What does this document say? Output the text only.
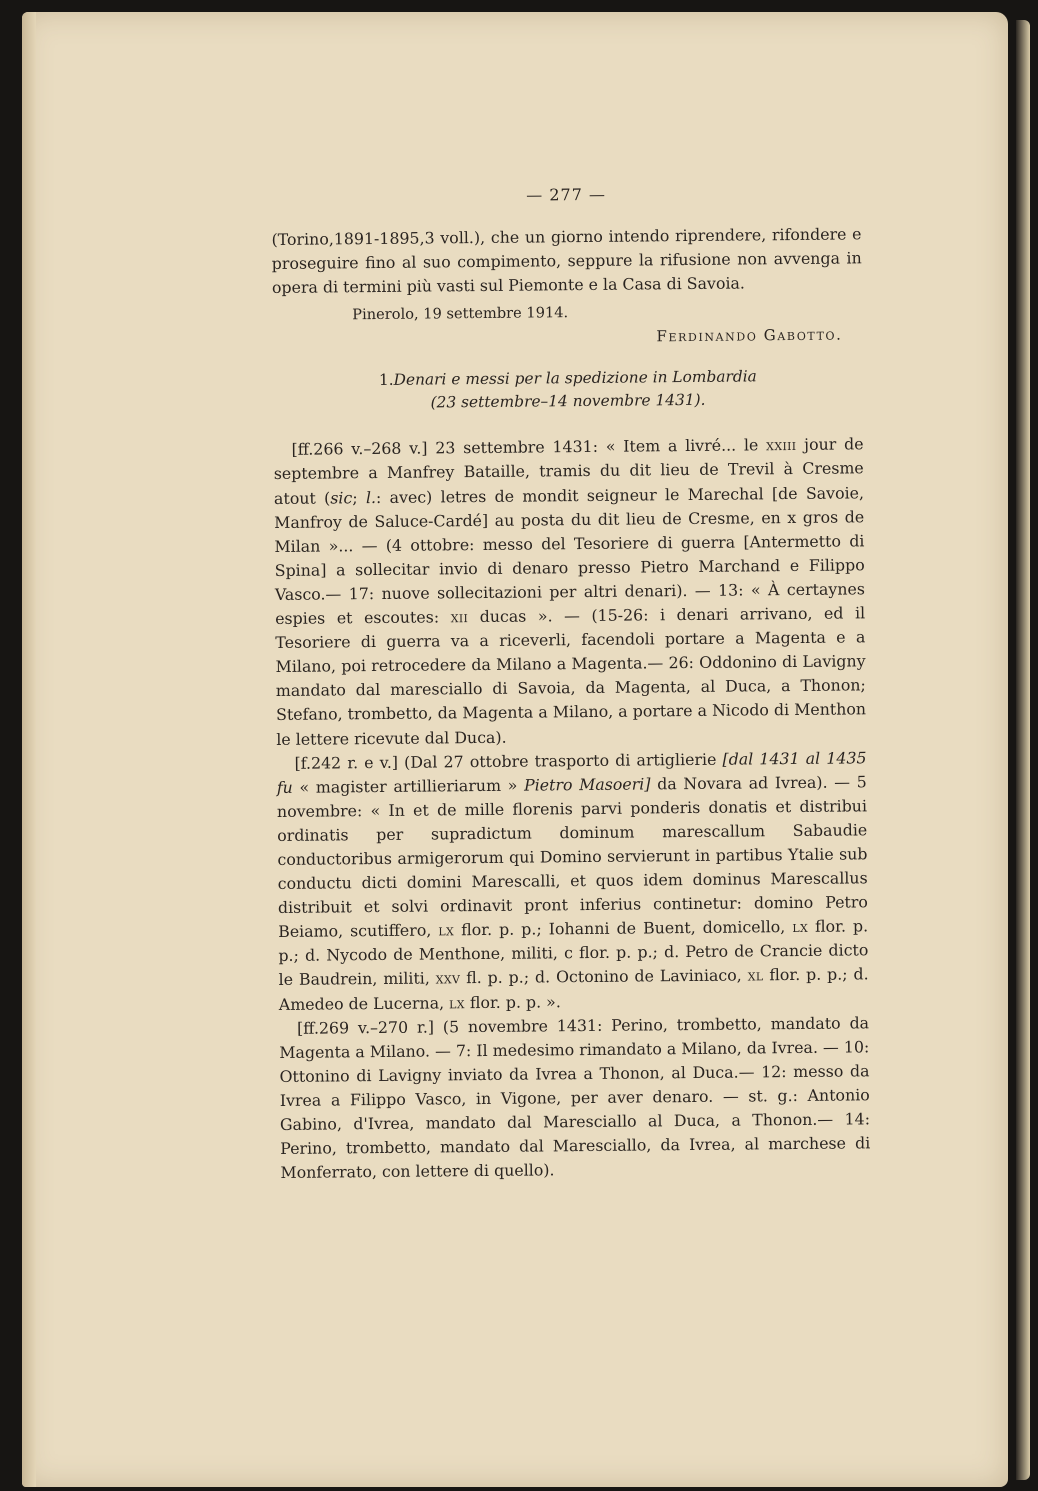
— 277 —

(Torino,1891-1895,3 voll.), che un giorno intendo riprendere, rifondere e proseguire fino al suo compimento, seppure la rifusione non avvenga in opera di termini più vasti sul Piemonte e la Casa di Savoia.

Pinerolo, 19 settembre 1914.
Ferdinando Gabotto.
1.Denari e messi per la spedizione in Lombardia
(23 settembre–14 novembre 1431).

[ff.266 v.–268 v.] 23 settembre 1431: « Item a livré... le xxiii jour de septembre a Manfrey Bataille, tramis du dit lieu de Trevil à Cresme atout (sic; l.: avec) letres de mondit seigneur le Marechal [de Savoie, Manfroy de Saluce-Cardé] au posta du dit lieu de Cresme, en x gros de Milan »... — (4 ottobre: messo del Tesoriere di guerra [Antermetto di Spina] a sollecitar invio di denaro presso Pietro Marchand e Filippo Vasco.— 17: nuove sollecitazioni per altri denari). — 13: « À certaynes espies et escoutes: xii ducas ». — (15-26: i denari arrivano, ed il Tesoriere di guerra va a riceverli, facendoli portare a Magenta e a Milano, poi retrocedere da Milano a Magenta.— 26: Oddonino di Lavigny mandato dal maresciallo di Savoia, da Magenta, al Duca, a Thonon; Stefano, trombetto, da Magenta a Milano, a portare a Nicodo di Menthon le lettere ricevute dal Duca).

[f.242 r. e v.] (Dal 27 ottobre trasporto di artiglierie [dal 1431 al 1435 fu « magister artillieriarum » Pietro Masoeri] da Novara ad Ivrea). — 5 novembre: « In et de mille florenis parvi ponderis donatis et distribui ordinatis per supradictum dominum marescallum Sabaudie conductoribus armigerorum qui Domino servierunt in partibus Ytalie sub conductu dicti domini Marescalli, et quos idem dominus Marescallus distribuit et solvi ordinavit pront inferius continetur: domino Petro Beiamo, scutiffero, lx flor. p. p.; Iohanni de Buent, domicello, lx flor. p. p.; d. Nycodo de Menthone, militi, c flor. p. p.; d. Petro de Crancie dicto le Baudrein, militi, xxv fl. p. p.; d. Octonino de Laviniaco, xl flor. p. p.; d. Amedeo de Lucerna, lx flor. p. p. ».

[ff.269 v.–270 r.] (5 novembre 1431: Perino, trombetto, mandato da Magenta a Milano. — 7: Il medesimo rimandato a Milano, da Ivrea. — 10: Ottonino di Lavigny inviato da Ivrea a Thonon, al Duca.— 12: messo da Ivrea a Filippo Vasco, in Vigone, per aver denaro. — st. g.: Antonio Gabino, d'Ivrea, mandato dal Maresciallo al Duca, a Thonon.— 14: Perino, trombetto, mandato dal Maresciallo, da Ivrea, al marchese di Monferrato, con lettere di quello).
